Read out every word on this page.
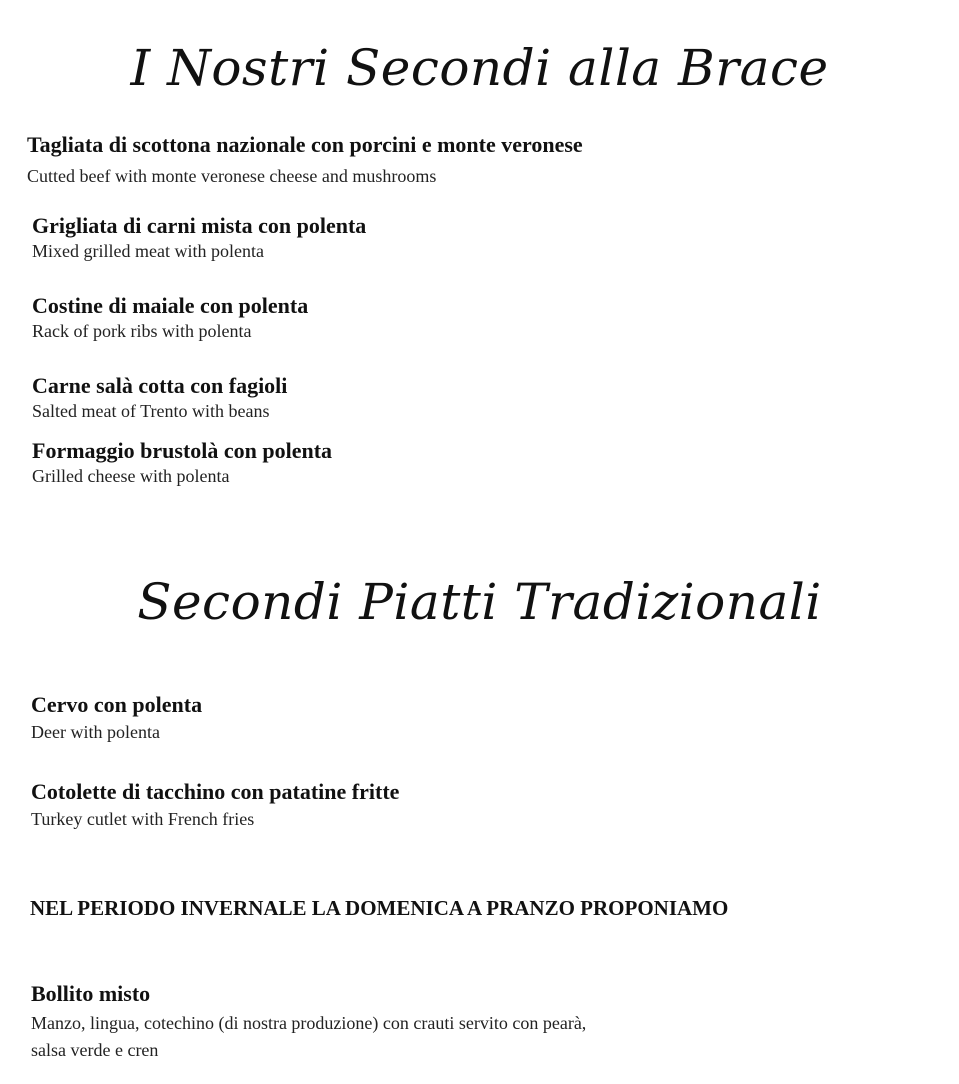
I Nostri Secondi alla Brace
Tagliata di scottona nazionale con porcini e monte veronese
Cutted beef with monte veronese cheese and mushrooms
Grigliata di carni mista con polenta
Mixed grilled meat with polenta
Costine di maiale con polenta
Rack of pork ribs with polenta
Carne salà cotta con fagioli
Salted meat of Trento with beans
Formaggio brustolà con polenta
Grilled cheese with polenta
Secondi Piatti Tradizionali
Cervo con polenta
Deer with polenta
Cotolette di tacchino con patatine fritte
Turkey cutlet with French fries
NEL PERIODO INVERNALE LA DOMENICA A PRANZO PROPONIAMO
Bollito misto
Manzo, lingua, cotechino (di nostra produzione) con crauti servito con pearà,
salsa verde e cren
